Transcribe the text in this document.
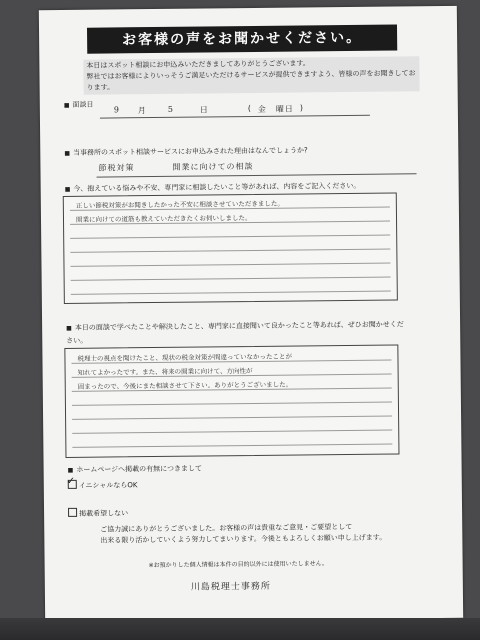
お客様の声をお聞かせください。
本日はスポット相談にお申込みいただきましてありがとうございます。
弊社ではお客様によりいっそうご満足いただけるサービスが提供できますよう、皆様の声をお聞きしております。
■ 面談日
9 月	5	日	( 金 曜日 )
■ 当事務所のスポット相談サービスにお申込みされた理由はなんでしょうか?
節税対策	開業に向けての相談
■ 今、抱えている悩みや不安、専門家に相談したいこと等があれば、内容をご記入ください。
正しい節税対策がお聞きしたかった不安に相談させていただきました。
開業に向けての道筋も教えていただきたくお伺いしました。
■ 本日の面談で学べたことや解決したこと、専門家に直接聞いて良かったこと等あれば、ぜひお聞かせください。
税理士の視点を聞けたこと、現状の税金対策が間違っていなかったことが
知れてよかったです。また、将来の開業に向けて、方向性が
固まったので、今後にまた相談させて下さい。ありがとうございました。
■ ホームページへ掲載の有無につきまして
✓ イニシャルならOK
掲載希望しない
ご協力誠にありがとうございました。お客様の声は貴重なご意見・ご要望として
出来る限り活かしていくよう努力してまいります。今後ともよろしくお願い申し上げます。
※お預かりした個人情報は本件の目的以外には使用いたしません。
川島税理士事務所
